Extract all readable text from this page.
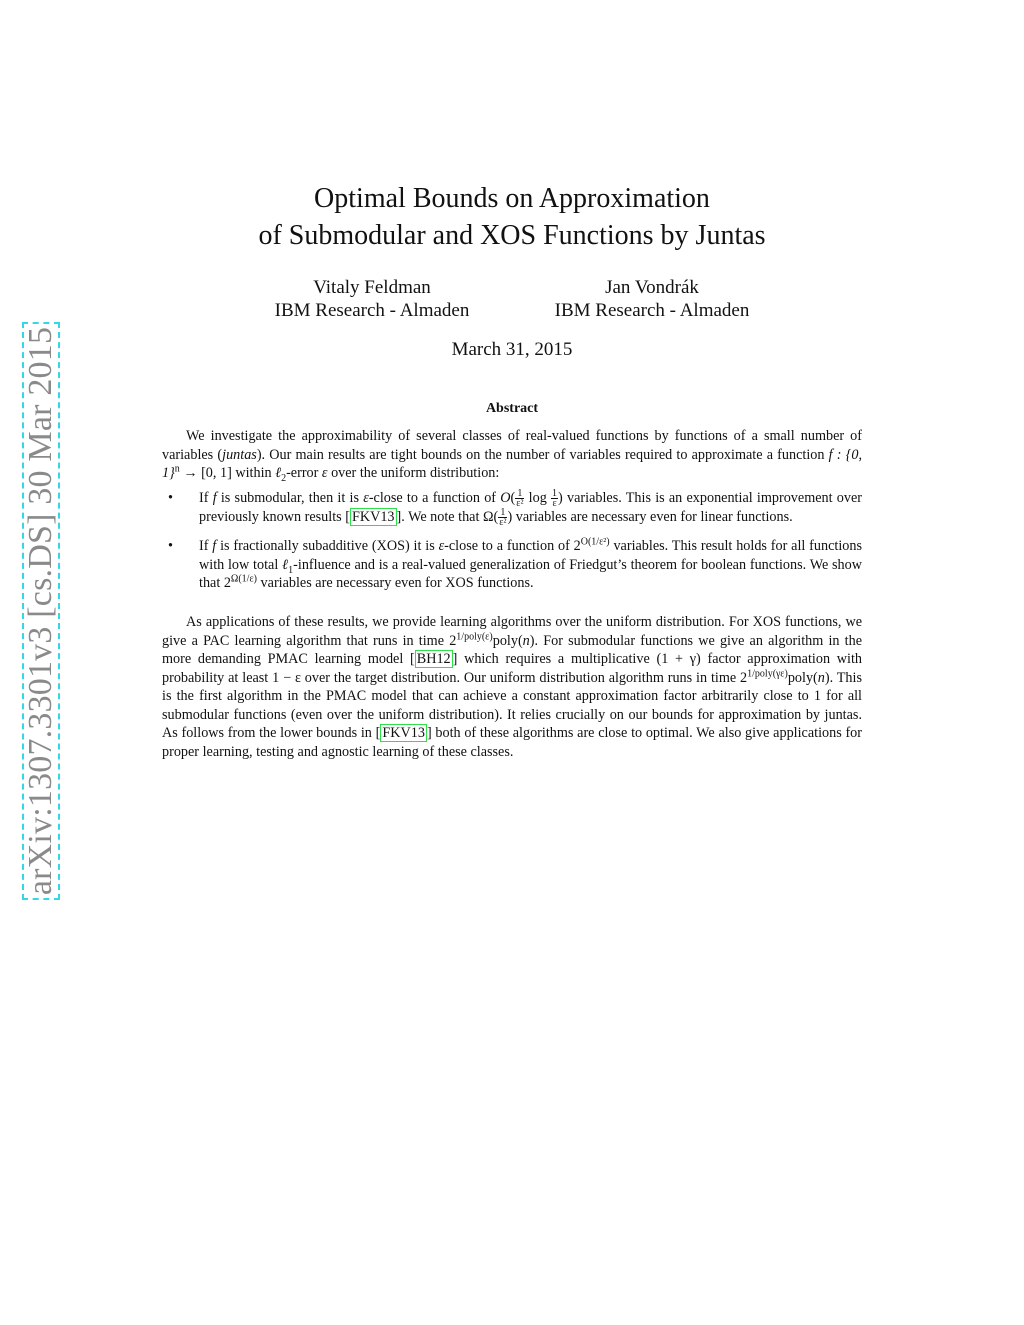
arXiv:1307.3301v3 [cs.DS] 30 Mar 2015
Optimal Bounds on Approximation
of Submodular and XOS Functions by Juntas
Vitaly Feldman
IBM Research - Almaden
Jan Vondrák
IBM Research - Almaden
March 31, 2015
Abstract

We investigate the approximability of several classes of real-valued functions by functions of a small number of variables (juntas). Our main results are tight bounds on the number of variables required to approximate a function f : {0, 1}$^n$ → [0, 1] within ℓ$_2$-error ε over the uniform distribution:

• If f is submodular, then it is ε-close to a function of $O( \frac{1}{\text{ε²}}$ $\log \frac{1}{\varepsilon}$ ) variables. This is an exponential improvement over previously known results [ FKV13 ]. We note that $\Omega( \frac{1}{\text{ε²}}$ ) variables are necessary even for linear functions.
• If f is fractionally subadditive (XOS) it is ε-close to a function of $2^{O(1/\varepsilon^2)}$ variables. This result holds for all functions with low total ℓ$_1$-influence and is a real-valued generalization of Friedgut’s theorem for boolean functions. We show that $2^{\Omega(1/\varepsilon)}$ variables are necessary even for XOS functions.

As applications of these results, we provide learning algorithms over the uniform distribution. For XOS functions, we give a PAC learning algorithm that runs in time $2^{1/poly(\varepsilon)}poly(n)$. For submodular functions we give an algorithm in the more demanding PMAC learning model [ BH12 ] which requires a multiplicative (1 + γ) factor approximation with probability at least 1 − ε over the target distribution. Our uniform distribution algorithm runs in time $2^{1/poly(\gamma\varepsilon)}poly(n)$. This is the first algorithm in the PMAC model that can achieve a constant approximation factor arbitrarily close to 1 for all submodular functions (even over the uniform distribution). It relies crucially on our bounds for approximation by juntas. As follows from the lower bounds in [ FKV13 ] both of these algorithms are close to optimal. We also give applications for proper learning, testing and agnostic learning of these classes.
